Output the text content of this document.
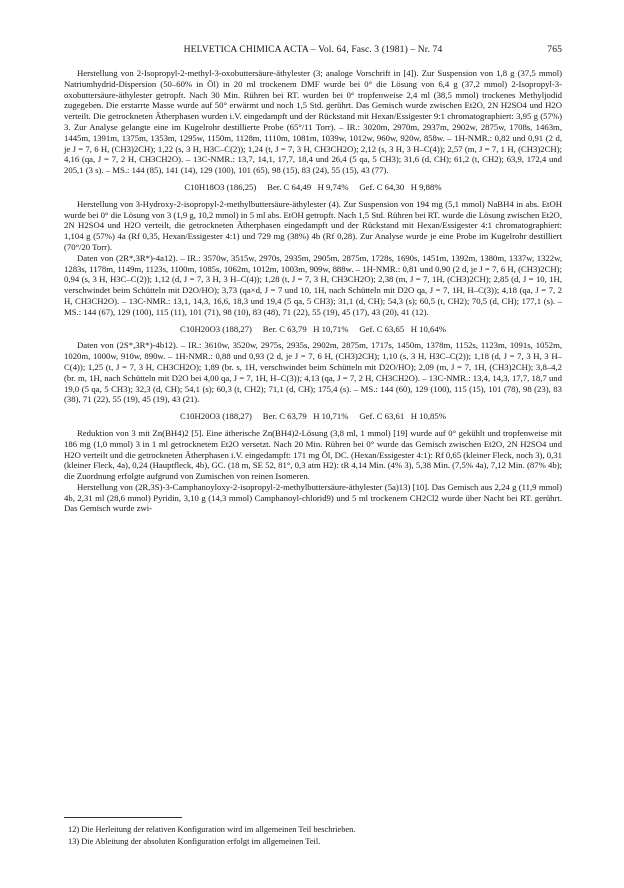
HELVETICA CHIMICA ACTA – Vol. 64, Fasc. 3 (1981) – Nr. 74	765

Herstellung von 2-Isopropyl-2-methyl-3-oxobuttersäure-äthylester (3; analoge Vorschrift in [4]). Zur Suspension von 1,8 g (37,5 mmol) Natriumhydrid-Dispersion (50–60% in Öl) in 20 ml trockenem DMF wurde bei 0° die Lösung von 6,4 g (37,2 mmol) 2-Isopropyl-3-oxobuttersäure-äthylester getropft. Nach 30 Min. Rühren bei RT. wurden bei 0° tropfenweise 2,4 ml (38,5 mmol) trockenes Methyljodid zugegeben. Die erstarrte Masse wurde auf 50° erwärmt und noch 1,5 Std. gerührt. Das Gemisch wurde zwischen Et2O, 2N H2SO4 und H2O verteilt. Die getrockneten Ätherphasen wurden i.V. eingedampft und der Rückstand mit Hexan/Essigester 9:1 chromatographiert: 3,95 g (57%) 3. Zur Analyse gelangte eine im Kugelrohr destillierte Probe (65°/11 Torr). – IR.: 3020m, 2970m, 2937m, 2902w, 2875w, 1708s, 1463m, 1445m, 1391m, 1375m, 1353m, 1295w, 1150m, 1128m, 1110m, 1081m, 1039w, 1012w, 960w, 920w, 858w. – 1H-NMR.: 0,82 und 0,91 (2 d, je J = 7, 6 H, (CH3)2CH); 1,22 (s, 3 H, H3C–C(2)); 1,24 (t, J = 7, 3 H, CH3CH2O); 2,12 (s, 3 H, 3 H–C(4)); 2,57 (m, J = 7, 1 H, (CH3)2CH); 4,16 (qa, J = 7, 2 H, CH3CH2O). – 13C-NMR.: 13,7, 14,1, 17,7, 18,4 und 26,4 (5 qa, 5 CH3); 31,6 (d, CH); 61,2 (t, CH2); 63,9, 172,4 und 205,1 (3 s). – MS.: 144 (85), 141 (14), 129 (100), 101 (65), 98 (15), 83 (24), 55 (15), 43 (77).

C10H18O3 (186,25)     Ber. C 64,49   H 9,74%     Gef. C 64,30   H 9,88%

Herstellung von 3-Hydroxy-2-isopropyl-2-methylbuttersäure-äthylester (4). Zur Suspension von 194 mg (5,1 mmol) NaBH4 in abs. EtOH wurde bei 0° die Lösung von 3 (1,9 g, 10,2 mmol) in 5 ml abs. EtOH getropft. Nach 1,5 Std. Rühren bei RT. wurde die Lösung zwischen Et2O, 2N H2SO4 und H2O verteilt, die getrockneten Ätherphasen eingedampft und der Rückstand mit Hexan/Essigester 4:1 chromatographiert: 1,104 g (57%) 4a (Rf 0,35, Hexan/Essigester 4:1) und 729 mg (38%) 4b (Rf 0,28). Zur Analyse wurde je eine Probe im Kugelrohr destilliert (70°/20 Torr).

Daten von (2R*,3R*)-4a12). – IR.: 3570w, 3515w, 2970s, 2935m, 2905m, 2875m, 1728s, 1690s, 1451m, 1392m, 1380m, 1337w, 1322w, 1283s, 1178m, 1149m, 1123s, 1100m, 1085s, 1062m, 1012m, 1003m, 909w, 888w. – 1H-NMR.: 0,81 und 0,90 (2 d, je J = 7, 6 H, (CH3)2CH); 0,94 (s, 3 H, H3C–C(2)); 1,12 (d, J = 7, 3 H, 3 H–C(4)); 1,28 (t, J = 7, 3 H, CH3CH2O); 2,38 (m, J = 7, 1H, (CH3)2CH); 2,85 (d, J = 10, 1H, verschwindet beim Schütteln mit D2O/HO); 3,73 (qa×d, J = 7 und 10, 1H, nach Schütteln mit D2O qa, J = 7, 1H, H–C(3)); 4,18 (qa, J = 7, 2 H, CH3CH2O). – 13C-NMR.: 13,1, 14,3, 16,6, 18,3 und 19,4 (5 qa, 5 CH3); 31,1 (d, CH); 54,3 (s); 60,5 (t, CH2); 70,5 (d, CH); 177,1 (s). – MS.: 144 (67), 129 (100), 115 (11), 101 (71), 98 (10), 83 (48), 71 (22), 55 (19), 45 (17), 43 (20), 41 (12).

C10H20O3 (188,27)     Ber. C 63,79   H 10,71%     Gef. C 63,65   H 10,64%

Daten von (2S*,3R*)-4b12). – IR.: 3610w, 3520w, 2975s, 2935s, 2902m, 2875m, 1717s, 1450m, 1378m, 1152s, 1123m, 1091s, 1052m, 1020m, 1000w, 910w, 890w. – 1H-NMR.: 0,88 und 0,93 (2 d, je J = 7, 6 H, (CH3)2CH); 1,10 (s, 3 H, H3C–C(2)); 1,18 (d, J = 7, 3 H, 3 H–C(4)); 1,25 (t, J = 7, 3 H, CH3CH2O); 1,89 (br. s, 1H, verschwindet beim Schütteln mit D2O/HO); 2,09 (m, J = 7, 1H, (CH3)2CH); 3,8–4,2 (br. m, 1H, nach Schütteln mit D2O bei 4,00 qa, J = 7, 1H, H–C(3)); 4,13 (qa, J = 7, 2 H, CH3CH2O). – 13C-NMR.: 13,4, 14,3, 17,7, 18,7 und 19,0 (5 qa, 5 CH3); 32,3 (d, CH); 54,1 (s); 60,3 (t, CH2); 71,1 (d, CH); 175,4 (s). – MS.: 144 (60), 129 (100), 115 (15), 101 (78), 98 (23), 83 (38), 71 (22), 55 (19), 45 (19), 43 (21).

C10H20O3 (188,27)     Ber. C 63,79   H 10,71%     Gef. C 63,61   H 10,85%

Reduktion von 3 mit Zn(BH4)2 [5]. Eine ätherische Zn(BH4)2-Lösung (3,8 ml, 1 mmol) [19] wurde auf 0° gekühlt und tropfenweise mit 186 mg (1,0 mmol) 3 in 1 ml getrocknetem Et2O versetzt. Nach 20 Min. Rühren bei 0° wurde das Gemisch zwischen Et2O, 2N H2SO4 und H2O verteilt und die getrockneten Ätherphasen i.V. eingedampft: 171 mg Öl, DC. (Hexan/Essigester 4:1): Rf 0,65 (kleiner Fleck, noch 3), 0,31 (kleiner Fleck, 4a), 0,24 (Hauptfleck, 4b), GC. (18 m, SE 52, 81°, 0,3 atm H2): tR 4,14 Min. (4% 3), 5,38 Min. (7,5% 4a), 7,12 Min. (87% 4b); die Zuordnung erfolgte aufgrund von Zumischen von reinen Isomeren.

Herstellung von (2R,3S)-3-Camphanoyloxy-2-isopropyl-2-methylbuttersäure-äthylester (5a)13) [10]. Das Gemisch aus 2,24 g (11,9 mmol) 4b, 2,31 ml (28,6 mmol) Pyridin, 3,10 g (14,3 mmol) Camphanoyl-chlorid9) und 5 ml trockenem CH2Cl2 wurde über Nacht bei RT. gerührt. Das Gemisch wurde zwi-

12) Die Herleitung der relativen Konfiguration wird im allgemeinen Teil beschrieben.
13) Die Ableitung der absoluten Konfiguration erfolgt im allgemeinen Teil.
